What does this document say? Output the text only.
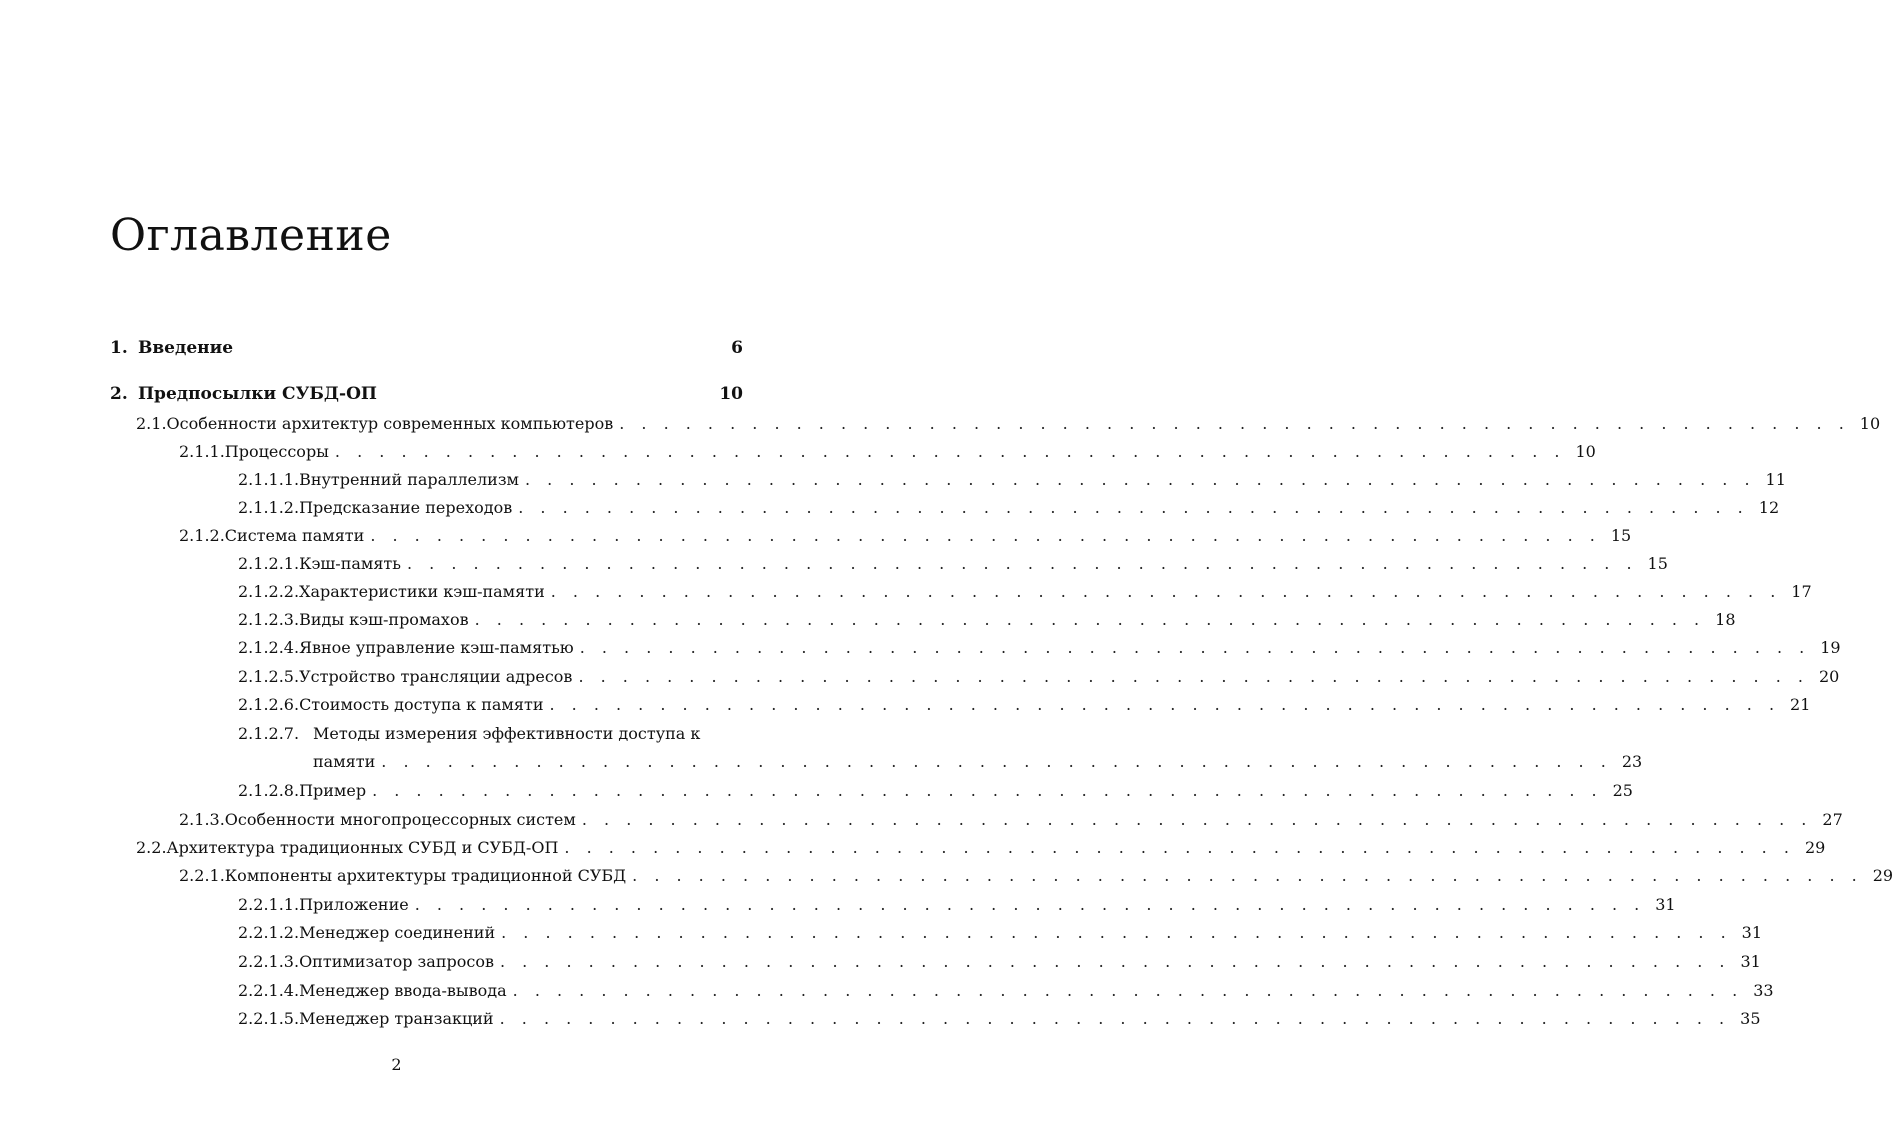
Оглавление
1. Введение	6
2. Предпосылки СУБД-ОП	10
2.1. Особенности архитектур современных компьютеров . . .	10
2.1.1. Процессоры . . .	10
2.1.1.1. Внутренний параллелизм . . .	11
2.1.1.2. Предсказание переходов . . .	12
2.1.2. Система памяти . . .	15
2.1.2.1. Кэш-память . . .	15
2.1.2.2. Характеристики кэш-памяти . . .	17
2.1.2.3. Виды кэш-промахов . . .	18
2.1.2.4. Явное управление кэш-памятью . . .	19
2.1.2.5. Устройство трансляции адресов . . .	20
2.1.2.6. Стоимость доступа к памяти . . .	21
2.1.2.7. Методы измерения эффективности доступа к
памяти . . .	23
2.1.2.8. Пример . . .	25
2.1.3. Особенности многопроцессорных систем . . .	27
2.2. Архитектура традиционных СУБД и СУБД-ОП . . .	29
2.2.1. Компоненты архитектуры традиционной СУБД . . .	29
2.2.1.1. Приложение . . .	31
2.2.1.2. Менеджер соединений . . .	31
2.2.1.3. Оптимизатор запросов . . .	31
2.2.1.4. Менеджер ввода-вывода . . .	33
2.2.1.5. Менеджер транзакций . . .	35
2
